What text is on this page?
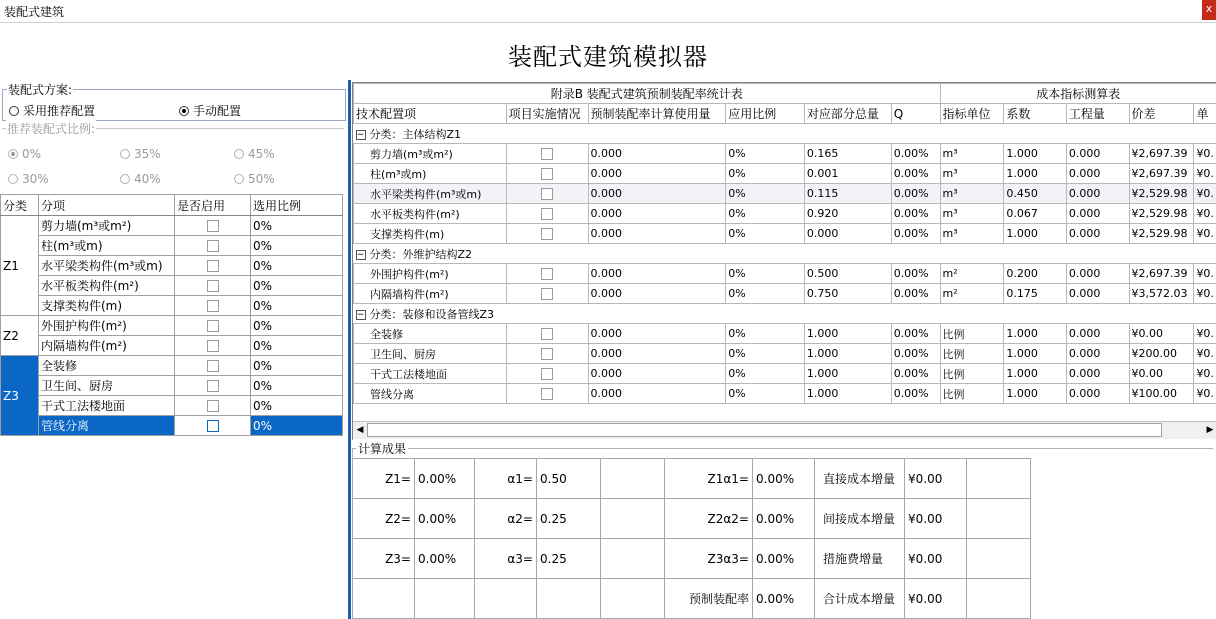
装配式建筑	x
装配式建筑模拟器
装配式方案:
采用推荐配置	手动配置
推荐装配式比例:
0%	35%	45%
30%	40%	50%
分类	分项	是否启用	选用比例
Z1	剪力墙(m³或m²)		0%
	柱(m³或m)		0%
	水平梁类构件(m³或m)		0%
	水平板类构件(m²)		0%
	支撑类构件(m)		0%
Z2	外围护构件(m²)		0%
	内隔墙构件(m²)		0%
Z3	全装修		0%
	卫生间、厨房		0%
	干式工法楼地面		0%
	管线分离		0%
附录B 装配式建筑预制装配率统计表						成本指标测算表				
技术配置项	项目实施情况	预制装配率计算使用量	应用比例	对应部分总量	Q	指标单位	系数	工程量	价差	单
− 分类：主体结构Z1										
剪力墙(m³或m²)		0.000	0%	0.165	0.00%	m³	1.000	0.000	¥2,697.39	¥0.
柱(m³或m)		0.000	0%	0.001	0.00%	m³	1.000	0.000	¥2,697.39	¥0.
水平梁类构件(m³或m)		0.000	0%	0.115	0.00%	m³	0.450	0.000	¥2,529.98	¥0.
水平板类构件(m²)		0.000	0%	0.920	0.00%	m³	0.067	0.000	¥2,529.98	¥0.
支撑类构件(m)		0.000	0%	0.000	0.00%	m³	1.000	0.000	¥2,529.98	¥0.
− 分类：外维护结构Z2										
外围护构件(m²)		0.000	0%	0.500	0.00%	m²	0.200	0.000	¥2,697.39	¥0.
内隔墙构件(m²)		0.000	0%	0.750	0.00%	m²	0.175	0.000	¥3,572.03	¥0.
− 分类：装修和设备管线Z3										
全装修		0.000	0%	1.000	0.00%	比例	1.000	0.000	¥0.00	¥0.
卫生间、厨房		0.000	0%	1.000	0.00%	比例	1.000	0.000	¥200.00	¥0.
干式工法楼地面		0.000	0%	1.000	0.00%	比例	1.000	0.000	¥0.00	¥0.
管线分离		0.000	0%	1.000	0.00%	比例	1.000	0.000	¥100.00	¥0.
◀	▶
计算成果
Z1=	0.00%	α1=	0.50		Z1α1=	0.00%	直接成本增量	¥0.00	
Z2=	0.00%	α2=	0.25		Z2α2=	0.00%	间接成本增量	¥0.00	
Z3=	0.00%	α3=	0.25		Z3α3=	0.00%	措施费增量	¥0.00	
					预制装配率	0.00%	合计成本增量	¥0.00	
